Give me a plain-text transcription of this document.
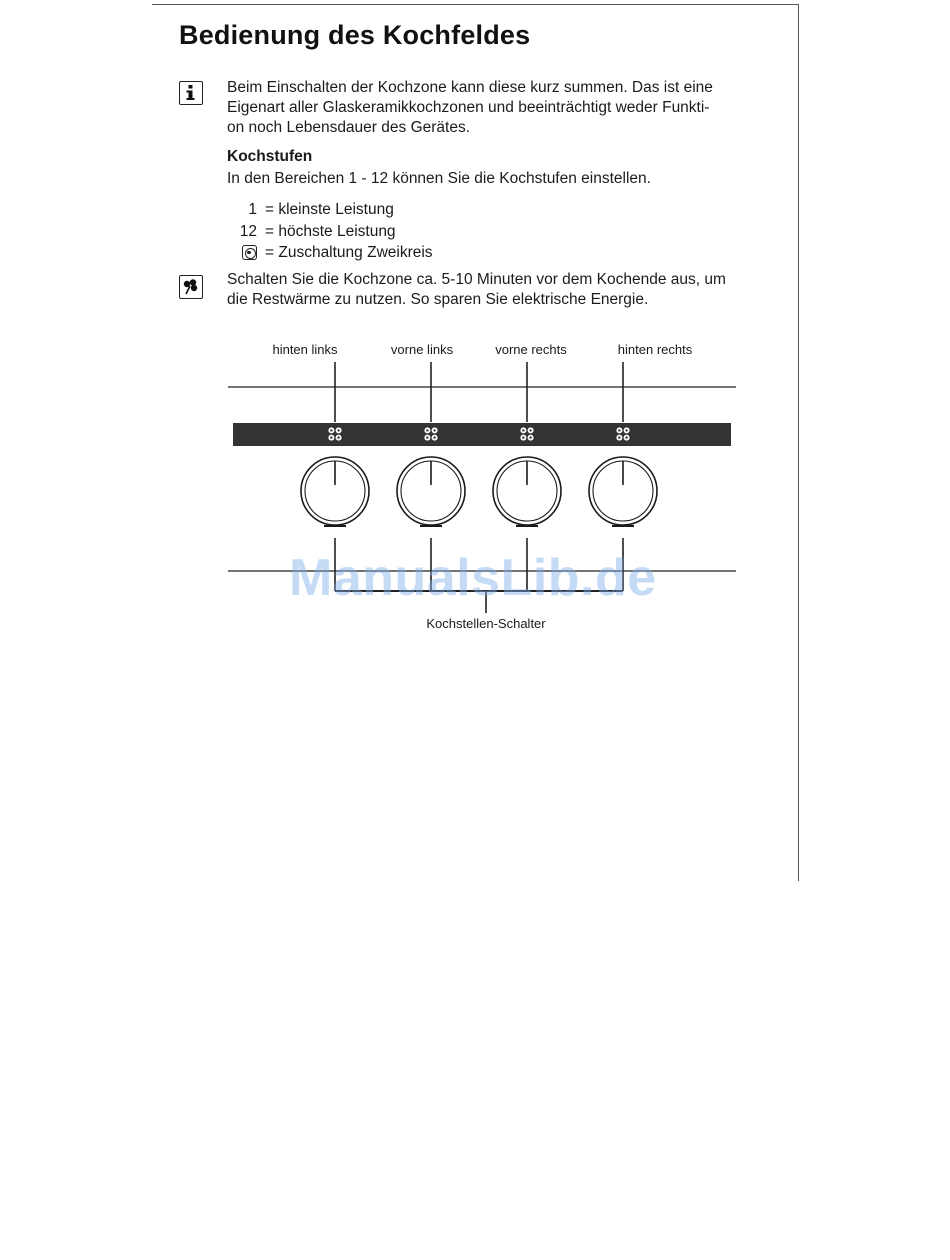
Bedienung des Kochfeldes
Beim Einschalten der Kochzone kann diese kurz summen. Das ist eine
Eigenart aller Glaskeramikkochzonen und beeinträchtigt weder Funkti-
on noch Lebensdauer des Gerätes.
Kochstufen
In den Bereichen 1 - 12 können Sie die Kochstufen einstellen.
1 = kleinste Leistung
12 = höchste Leistung
= Zuschaltung Zweikreis
Schalten Sie die Kochzone ca. 5-10 Minuten vor dem Kochende aus, um
die Restwärme zu nutzen. So sparen Sie elektrische Energie.
hinten links	vorne links	vorne rechts	hinten rechts
Kochstellen-Schalter
ManualsLib.de
